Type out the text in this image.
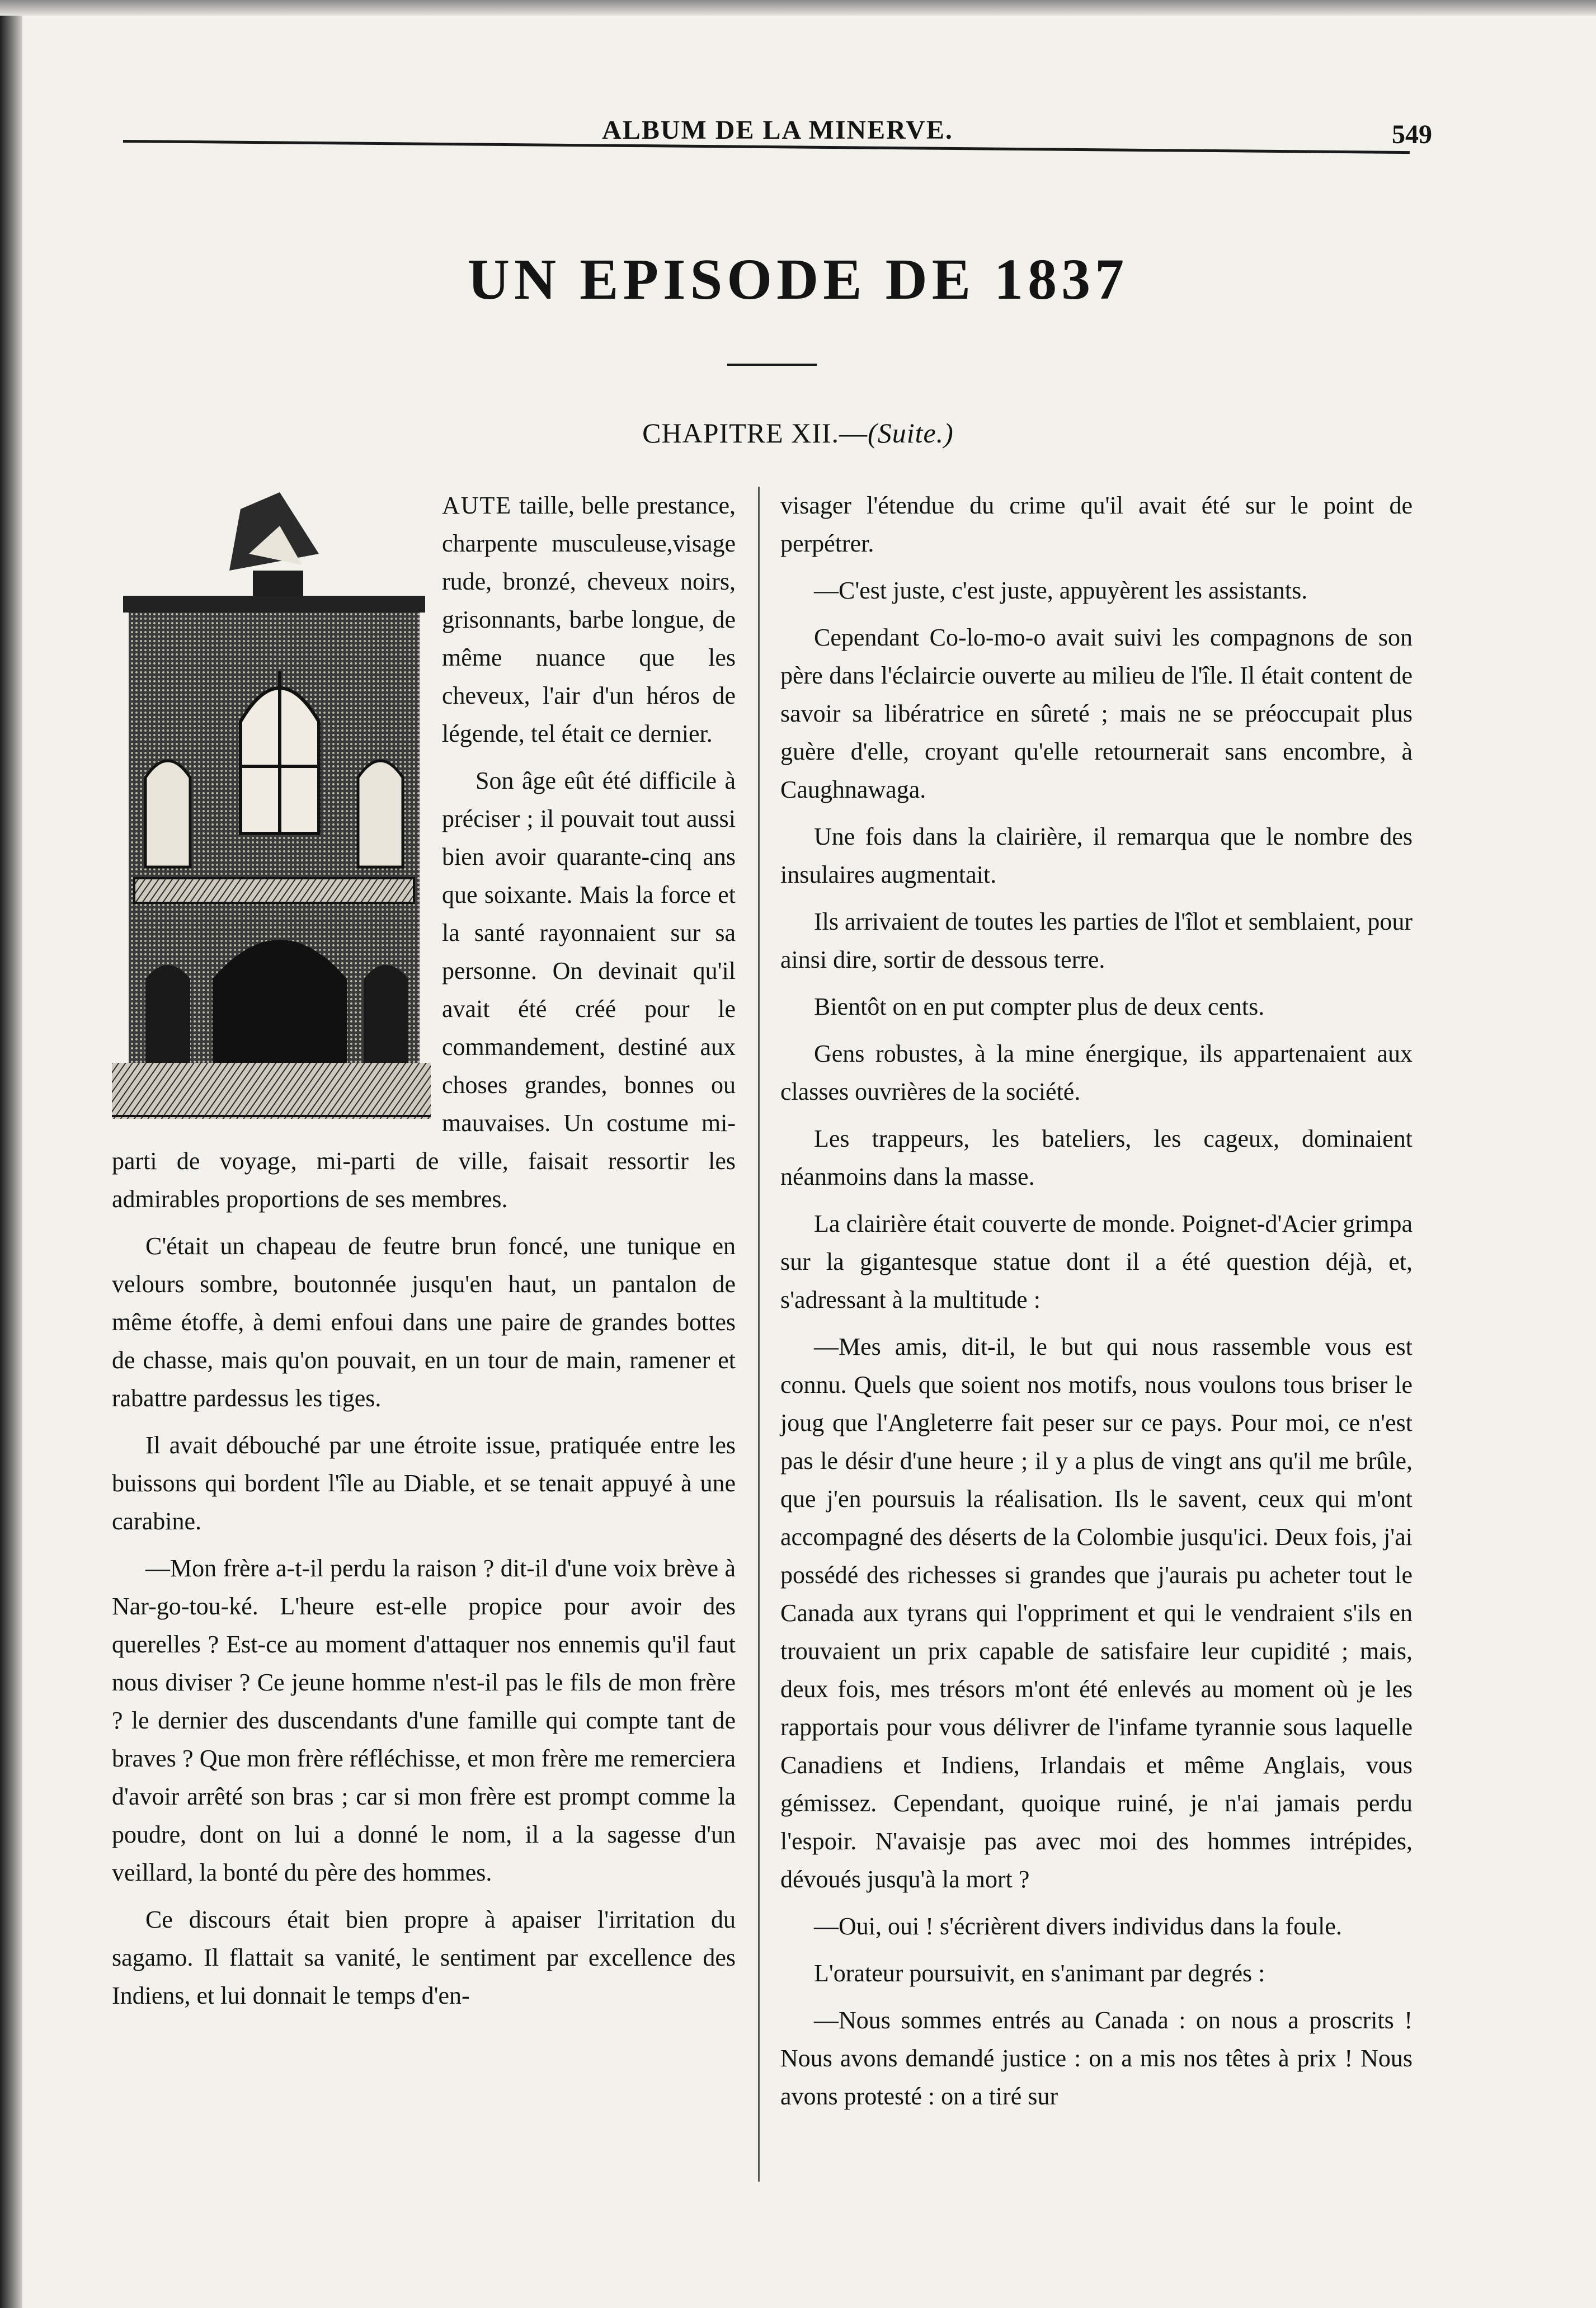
ALBUM DE LA MINERVE.	549
UN EPISODE DE 1837
CHAPITRE XII.—(Suite.)

AUTE taille, belle prestance, charpente musculeuse,visage rude, bronzé, cheveux noirs, grisonnants, barbe longue, de même nuance que les cheveux, l'air d'un héros de légende, tel était ce dernier.

Son âge eût été difficile à préciser ; il pouvait tout aussi bien avoir quarante-cinq ans que soixante. Mais la force et la santé rayonnaient sur sa personne. On devinait qu'il avait été créé pour le commandement, destiné aux choses grandes, bonnes ou mauvaises. Un costume mi-parti de voyage, mi-parti de ville, faisait ressortir les admirables proportions de ses membres.

C'était un chapeau de feutre brun foncé, une tunique en velours sombre, boutonnée jusqu'en haut, un pantalon de même étoffe, à demi enfoui dans une paire de grandes bottes de chasse, mais qu'on pouvait, en un tour de main, ramener et rabattre pardessus les tiges.

Il avait débouché par une étroite issue, pratiquée entre les buissons qui bordent l'île au Diable, et se tenait appuyé à une carabine.

—Mon frère a-t-il perdu la raison ? dit-il d'une voix brève à Nar-go-tou-ké. L'heure est-elle propice pour avoir des querelles ? Est-ce au moment d'attaquer nos ennemis qu'il faut nous diviser ? Ce jeune homme n'est-il pas le fils de mon frère ? le dernier des duscendants d'une famille qui compte tant de braves ? Que mon frère réfléchisse, et mon frère me remerciera d'avoir arrêté son bras ; car si mon frère est prompt comme la poudre, dont on lui a donné le nom, il a la sagesse d'un veillard, la bonté du père des hommes.

Ce discours était bien propre à apaiser l'irritation du sagamo. Il flattait sa vanité, le sentiment par excellence des Indiens, et lui donnait le temps d'en-

visager l'étendue du crime qu'il avait été sur le point de perpétrer.

—C'est juste, c'est juste, appuyèrent les assistants.

Cependant Co-lo-mo-o avait suivi les compagnons de son père dans l'éclaircie ouverte au milieu de l'île. Il était content de savoir sa libératrice en sûreté ; mais ne se préoccupait plus guère d'elle, croyant qu'elle retournerait sans encombre, à Caughnawaga.

Une fois dans la clairière, il remarqua que le nombre des insulaires augmentait.

Ils arrivaient de toutes les parties de l'îlot et semblaient, pour ainsi dire, sortir de dessous terre.

Bientôt on en put compter plus de deux cents.

Gens robustes, à la mine énergique, ils appartenaient aux classes ouvrières de la société.

Les trappeurs, les bateliers, les cageux, dominaient néanmoins dans la masse.

La clairière était couverte de monde. Poignet-d'Acier grimpa sur la gigantesque statue dont il a été question déjà, et, s'adressant à la multitude :

—Mes amis, dit-il, le but qui nous rassemble vous est connu. Quels que soient nos motifs, nous voulons tous briser le joug que l'Angleterre fait peser sur ce pays. Pour moi, ce n'est pas le désir d'une heure ; il y a plus de vingt ans qu'il me brûle, que j'en poursuis la réalisation. Ils le savent, ceux qui m'ont accompagné des déserts de la Colombie jusqu'ici. Deux fois, j'ai possédé des richesses si grandes que j'aurais pu acheter tout le Canada aux tyrans qui l'oppriment et qui le vendraient s'ils en trouvaient un prix capable de satisfaire leur cupidité ; mais, deux fois, mes trésors m'ont été enlevés au moment où je les rapportais pour vous délivrer de l'infame tyrannie sous laquelle Canadiens et Indiens, Irlandais et même Anglais, vous gémissez. Cependant, quoique ruiné, je n'ai jamais perdu l'espoir. N'avaisje pas avec moi des hommes intrépides, dévoués jusqu'à la mort ?

—Oui, oui ! s'écrièrent divers individus dans la foule.

L'orateur poursuivit, en s'animant par degrés :

—Nous sommes entrés au Canada : on nous a proscrits ! Nous avons demandé justice : on a mis nos têtes à prix ! Nous avons protesté : on a tiré sur
